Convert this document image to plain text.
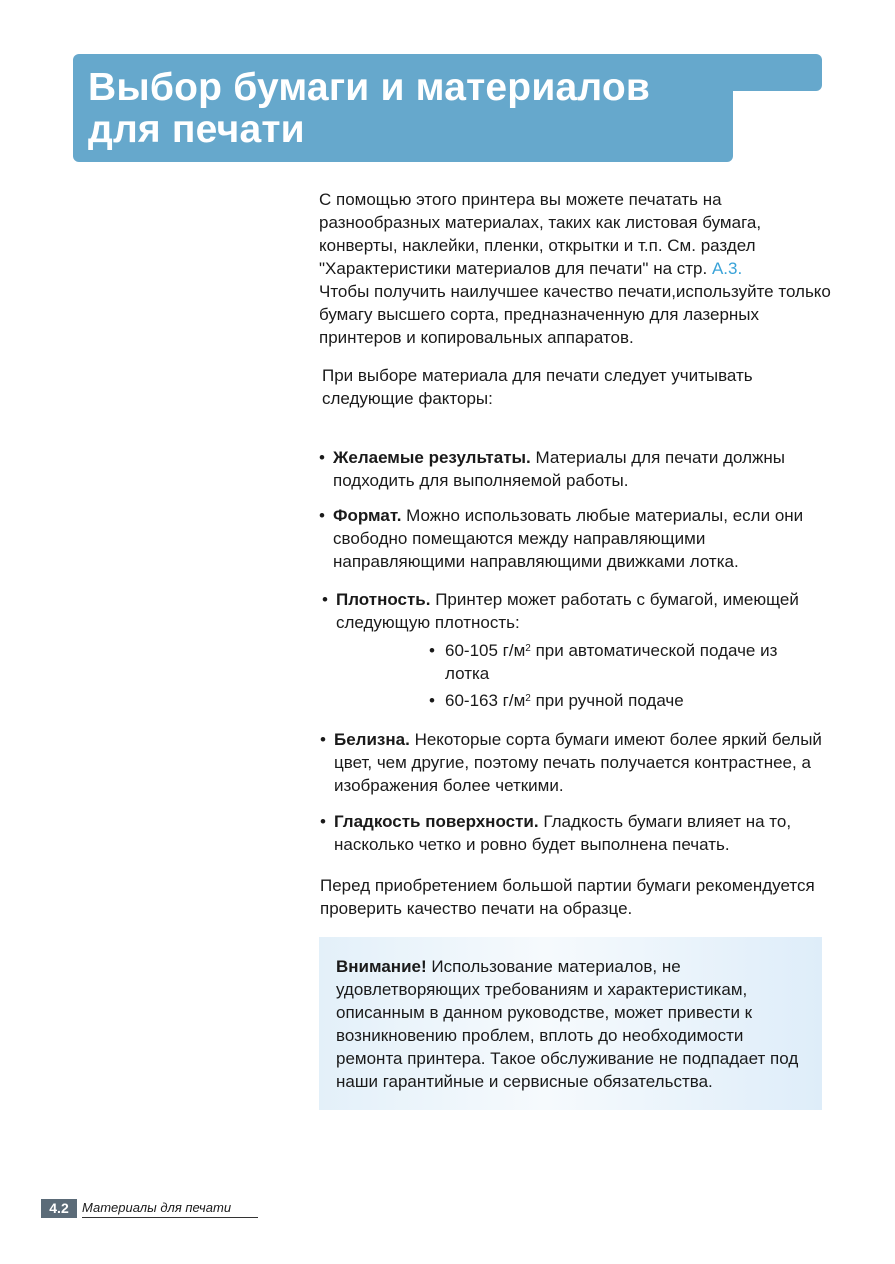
Выбор бумаги и материалов
для печати

С помощью этого принтера вы можете печатать на разнообразных материалах, таких как листовая бумага, конверты, наклейки, пленки, открытки и т.п. См. раздел "Характеристики материалов для печати" на стр. А.3.
Чтобы получить наилучшее качество печати,используйте только бумагу высшего сорта, предназначенную для лазерных принтеров и копировальных аппаратов.

При выборе материала для печати следует учитывать следующие факторы:

• Желаемые результаты. Материалы для печати должны подходить для выполняемой работы.
• Формат. Можно использовать любые материалы, если они свободно помещаются между направляющими направляющими направляющими движками лотка.
• Плотность. Принтер может работать с бумагой, имеющей следующую плотность:
• 60-105 $г/м^2$ при автоматической подаче из лотка
• 60-163 $г/м^2$ при ручной подаче
• Белизна. Некоторые сорта бумаги имеют более яркий белый цвет, чем другие, поэтому печать получается контрастнее, а изображения более четкими.
• Гладкость поверхности. Гладкость бумаги влияет на то, насколько четко и ровно будет выполнена печать.

Перед приобретением большой партии бумаги рекомендуется проверить качество печати на образце.

Внимание! Использование материалов, не удовлетворяющих требованиям и характеристикам, описанным в данном руководстве, может привести к возникновению проблем, вплоть до необходимости ремонта принтера. Такое обслуживание не подпадает под наши гарантийные и сервисные обязательства.

4.2	Материалы для печати
